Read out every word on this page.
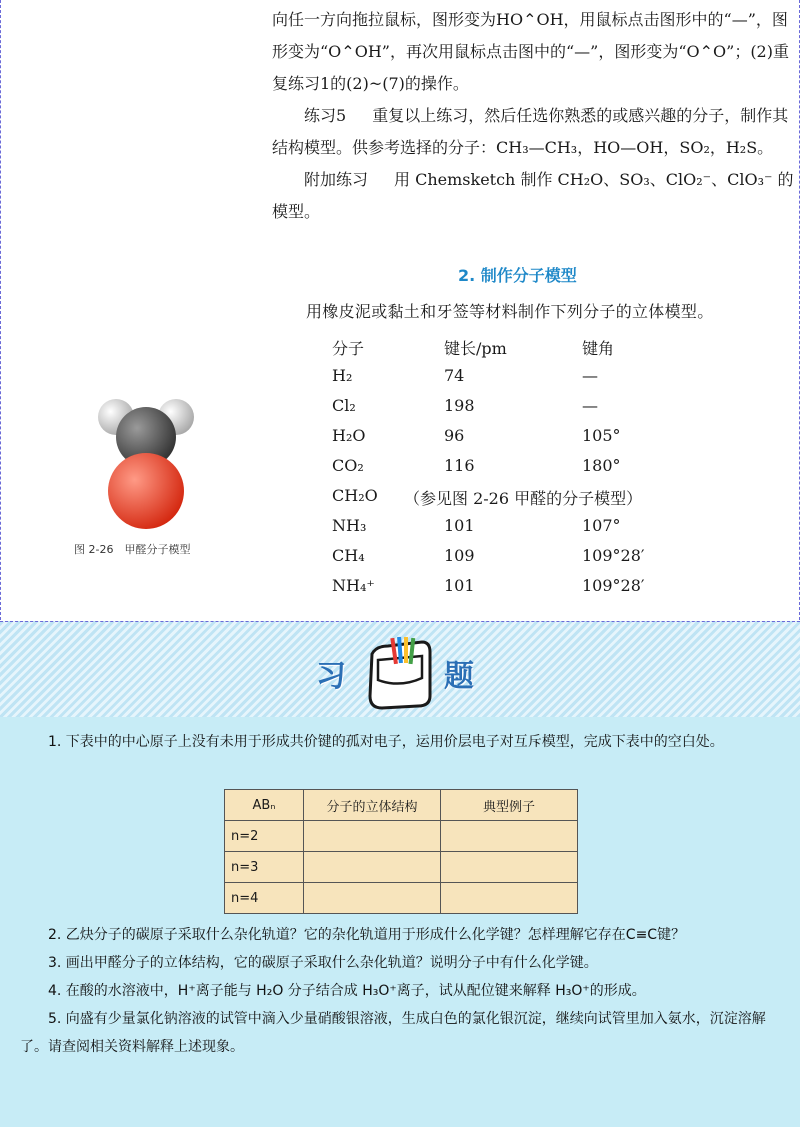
向任一方向拖拉鼠标，图形变为HO⌃OH，用鼠标点击图形中的“—”，图形变为“O⌃OH”，再次用鼠标点击图中的“—”，图形变为“O⌃O”；(2)重复练习1的(2)~(7)的操作。

练习5 重复以上练习，然后任选你熟悉的或感兴趣的分子，制作其结构模型。供参考选择的分子：CH₃—CH₃，HO—OH，SO₂，H₂S。

附加练习 用 Chemsketch 制作 CH₂O、SO₃、ClO₂⁻、ClO₃⁻ 的模型。

2. 制作分子模型
用橡皮泥或黏土和牙签等材料制作下列分子的立体模型。
分子	键长/pm	键角
H₂	74	—
Cl₂	198	—
H₂O	96	105°
CO₂	116	180°
CH₂O （参见图 2-26 甲醛的分子模型）
NH₃	101	107°
CH₄	109	109°28′
NH₄⁺	101	109°28′
图 2-26　甲醛分子模型
习	题

1. 下表中的中心原子上没有未用于形成共价键的孤对电子，运用价层电子对互斥模型，完成下表中的空白处。

ABₙ	分子的立体结构	典型例子
n=2		
n=3		
n=4		

2. 乙炔分子的碳原子采取什么杂化轨道？它的杂化轨道用于形成什么化学键？怎样理解它存在C≡C键？

3. 画出甲醛分子的立体结构，它的碳原子采取什么杂化轨道？说明分子中有什么化学键。

4. 在酸的水溶液中，H⁺离子能与 H₂O 分子结合成 H₃O⁺离子，试从配位键来解释 H₃O⁺的形成。

5. 向盛有少量氯化钠溶液的试管中滴入少量硝酸银溶液，生成白色的氯化银沉淀，继续向试管里加入氨水，沉淀溶解了。请查阅相关资料解释上述现象。
